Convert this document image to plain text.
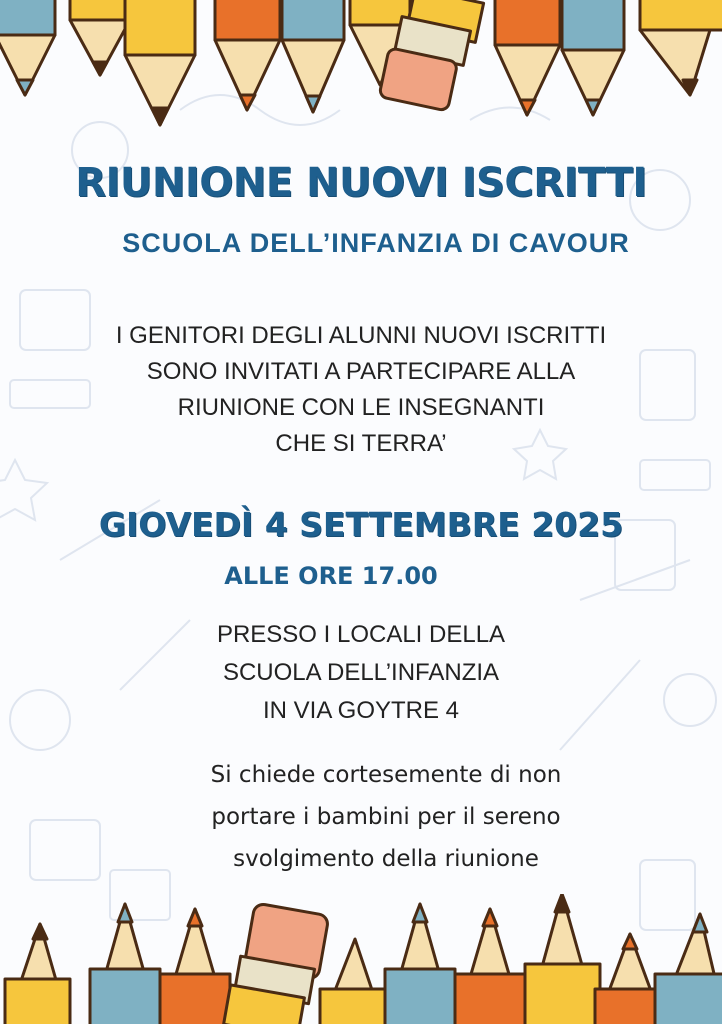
RIUNIONE NUOVI ISCRITTI
SCUOLA DELL’INFANZIA DI CAVOUR
I GENITORI DEGLI ALUNNI NUOVI ISCRITTI
SONO INVITATI A PARTECIPARE ALLA
RIUNIONE CON LE INSEGNANTI
CHE SI TERRA’
GIOVEDÌ 4 SETTEMBRE 2025
ALLE ORE 17.00
PRESSO I LOCALI DELLA
SCUOLA DELL’INFANZIA
IN VIA GOYTRE 4
Si chiede cortesemente di non
portare i bambini per il sereno
svolgimento della riunione
